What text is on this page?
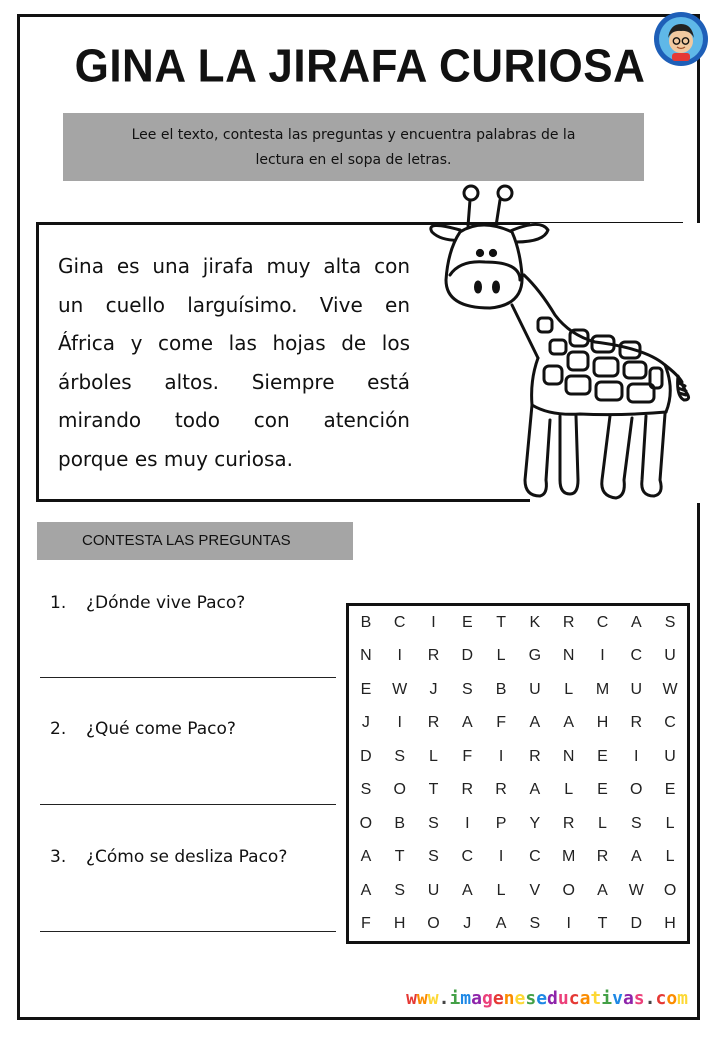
GINA LA JIRAFA CURIOSA
Lee el texto, contesta las preguntas y encuentra palabras de la
lectura en el sopa de letras.
Gina es una jirafa muy alta con
un cuello larguísimo. Vive en
África y come las hojas de los
árboles altos. Siempre está
mirando todo con atención
porque es muy curiosa.
CONTESTA LAS PREGUNTAS
1. ¿Dónde vive Paco?
2. ¿Qué come Paco?
3. ¿Cómo se desliza Paco?
B	C	I	E	T	K	R	C	A	S
N	I	R	D	L	G	N	I	C	U
E	W	J	S	B	U	L	M	U	W
J	I	R	A	F	A	A	H	R	C
D	S	L	F	I	R	N	E	I	U
S	O	T	R	R	A	L	E	O	E
O	B	S	I	P	Y	R	L	S	L
A	T	S	C	I	C	M	R	A	L
A	S	U	A	L	V	O	A	W	O
F	H	O	J	A	S	I	T	D	H
www.imageneseducativas.com
